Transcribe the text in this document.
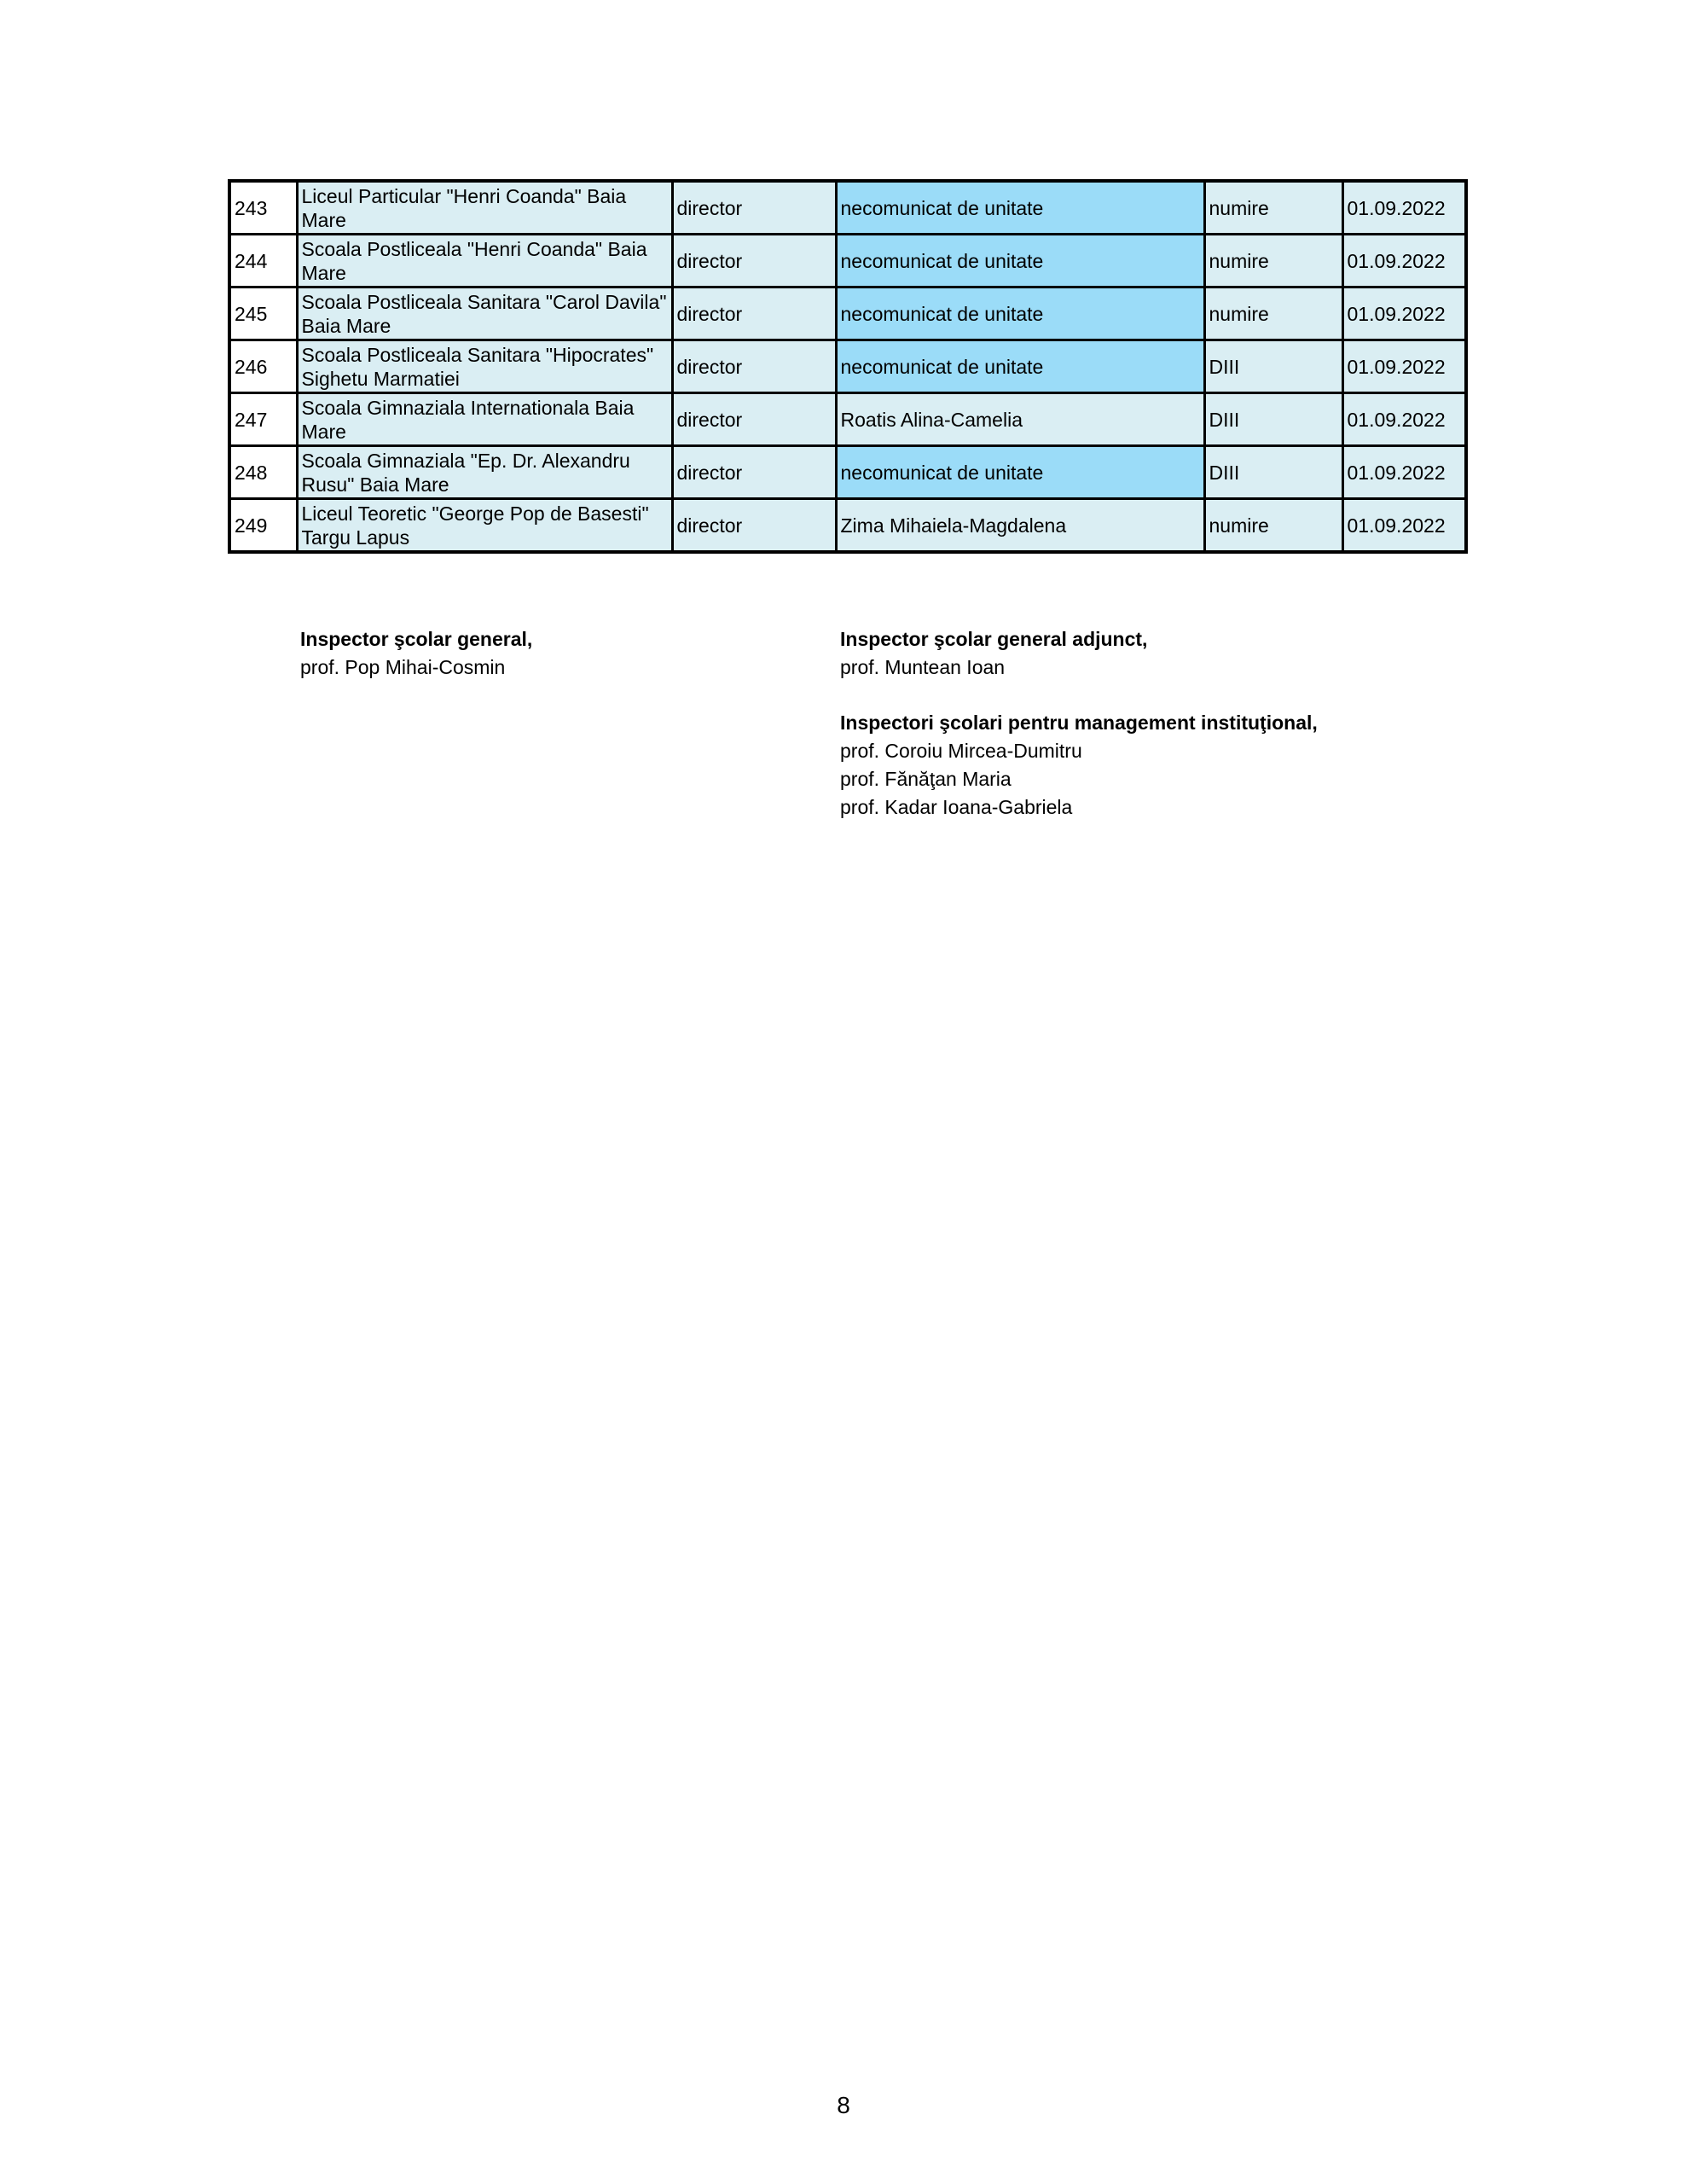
243	Liceul Particular "Henri Coanda" Baia Mare	director	necomunicat de unitate	numire	01.09.2022
244	Scoala Postliceala "Henri Coanda" Baia Mare	director	necomunicat de unitate	numire	01.09.2022
245	Scoala Postliceala Sanitara "Carol Davila" Baia Mare	director	necomunicat de unitate	numire	01.09.2022
246	Scoala Postliceala Sanitara "Hipocrates" Sighetu Marmatiei	director	necomunicat de unitate	DIII	01.09.2022
247	Scoala Gimnaziala Internationala Baia Mare	director	Roatis Alina-Camelia	DIII	01.09.2022
248	Scoala Gimnaziala "Ep. Dr. Alexandru Rusu" Baia Mare	director	necomunicat de unitate	DIII	01.09.2022
249	Liceul Teoretic "George Pop de Basesti" Targu Lapus	director	Zima Mihaiela-Magdalena	numire	01.09.2022
Inspector şcolar general,
prof. Pop Mihai-Cosmin
Inspector şcolar general adjunct,
prof. Muntean Ioan
Inspectori şcolari pentru management instituţional,
prof. Coroiu Mircea-Dumitru
prof. Fănăţan Maria
prof. Kadar Ioana-Gabriela
8
